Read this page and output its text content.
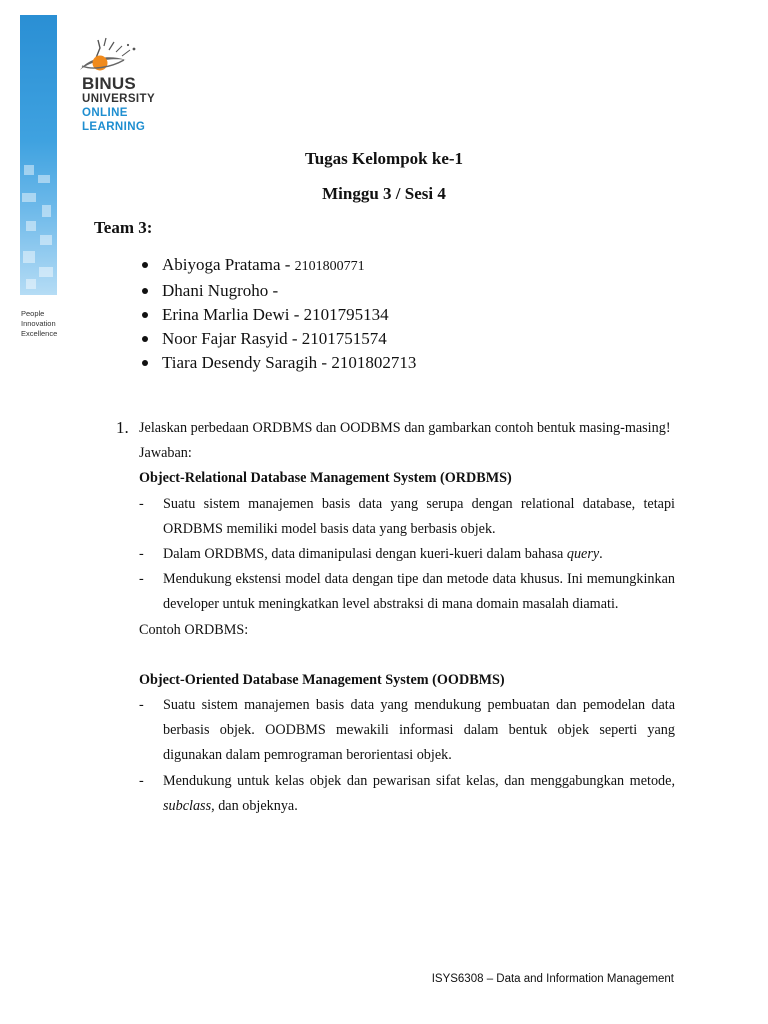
People
Innovation
Excellence
BINUS
UNIVERSITY
ONLINE
LEARNING
Tugas Kelompok ke-1
Minggu 3 / Sesi 4
Team 3:
Abiyoga Pratama - 2101800771
Dhani Nugroho -
Erina Marlia Dewi - 2101795134
Noor Fajar Rasyid - 2101751574
Tiara Desendy Saragih - 2101802713
1. Jelaskan perbedaan ORDBMS dan OODBMS dan gambarkan contoh bentuk masing-masing!

Jawaban:

Object-Relational Database Management System (ORDBMS)

- Suatu sistem manajemen basis data yang serupa dengan relational database, tetapi ORDBMS memiliki model basis data yang berbasis objek.

- Dalam ORDBMS, data dimanipulasi dengan kueri-kueri dalam bahasa query.

- Mendukung ekstensi model data dengan tipe dan metode data khusus. Ini memungkinkan developer untuk meningkatkan level abstraksi di mana domain masalah diamati.

Contoh ORDBMS:

Object-Oriented Database Management System (OODBMS)

- Suatu sistem manajemen basis data yang mendukung pembuatan dan pemodelan data berbasis objek. OODBMS mewakili informasi dalam bentuk objek seperti yang digunakan dalam pemrograman berorientasi objek.

- Mendukung untuk kelas objek dan pewarisan sifat kelas, dan menggabungkan metode, subclass, dan objeknya.

ISYS6308 – Data and Information Management
